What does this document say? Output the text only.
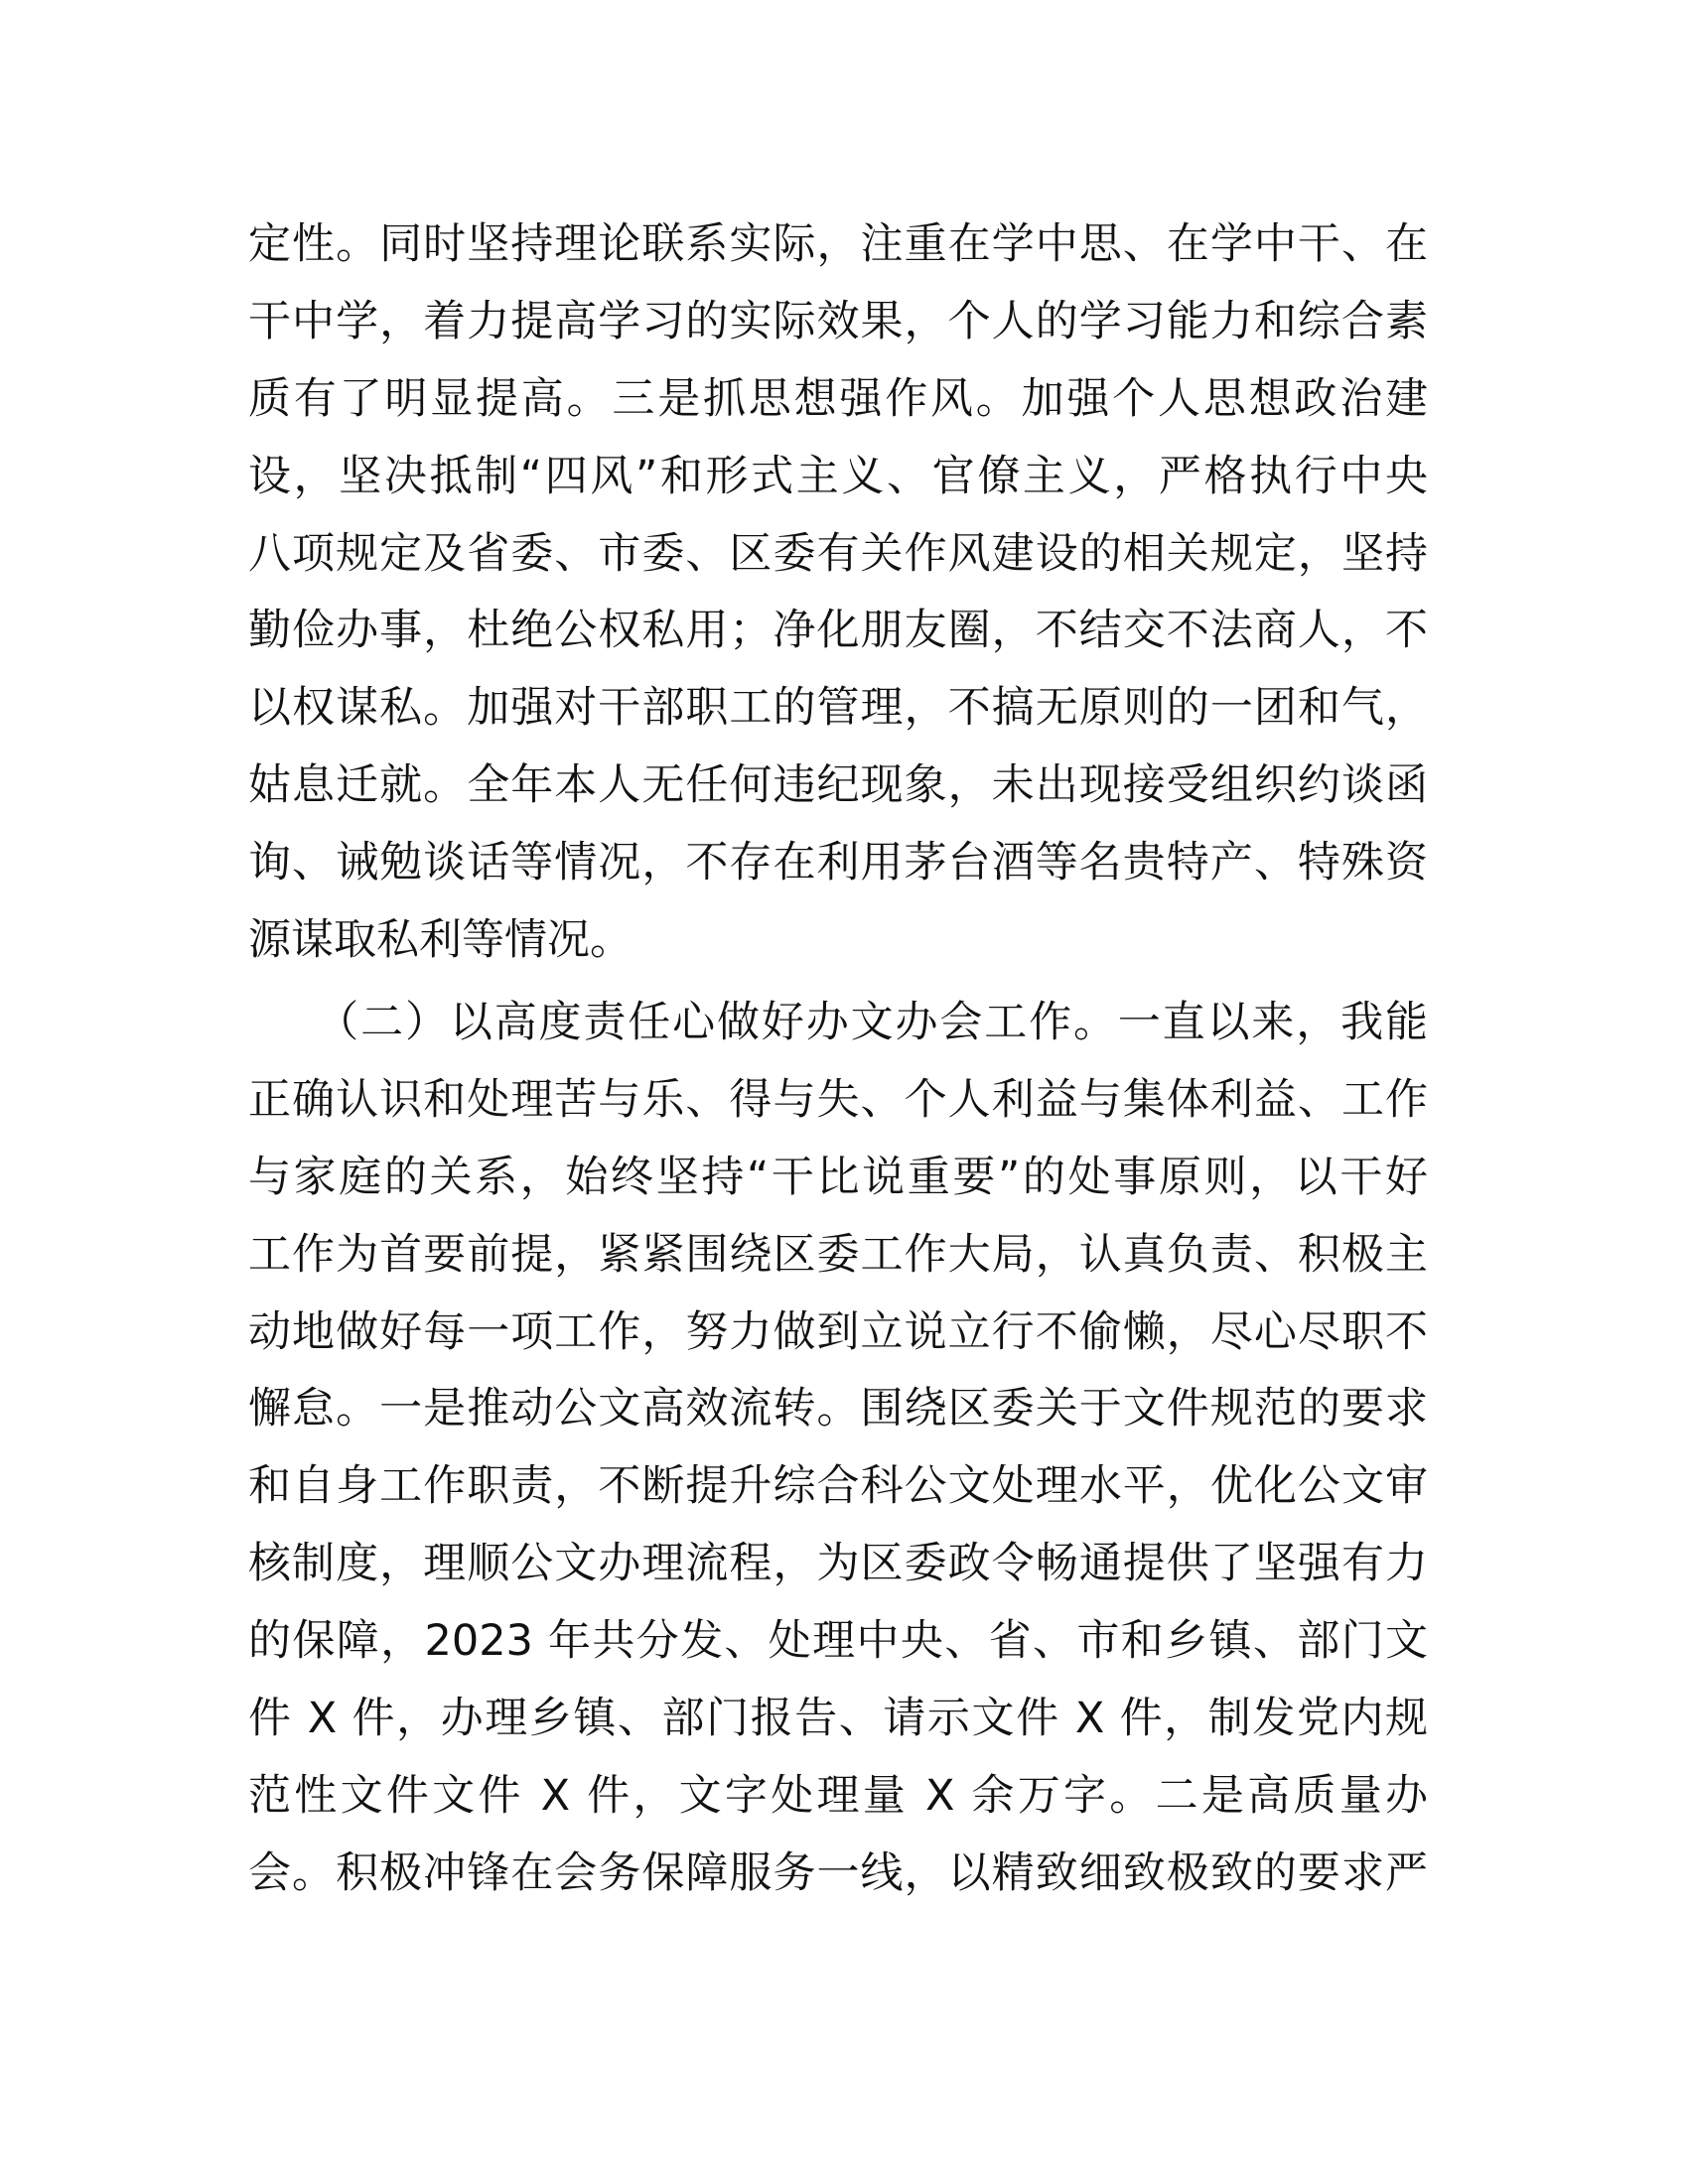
定性。同时坚持理论联系实际，注重在学中思、在学中干、在
干中学，着力提高学习的实际效果，个人的学习能力和综合素
质有了明显提高。三是抓思想强作风。加强个人思想政治建
设，坚决抵制“四风”和形式主义、官僚主义，严格执行中央
八项规定及省委、市委、区委有关作风建设的相关规定，坚持
勤俭办事，杜绝公权私用；净化朋友圈，不结交不法商人，不
以权谋私。加强对干部职工的管理，不搞无原则的一团和气，
姑息迁就。全年本人无任何违纪现象，未出现接受组织约谈函
询、诫勉谈话等情况，不存在利用茅台酒等名贵特产、特殊资
源谋取私利等情况。
　　（二）以高度责任心做好办文办会工作。一直以来，我能
正确认识和处理苦与乐、得与失、个人利益与集体利益、工作
与家庭的关系，始终坚持“干比说重要”的处事原则，以干好
工作为首要前提，紧紧围绕区委工作大局，认真负责、积极主
动地做好每一项工作，努力做到立说立行不偷懒，尽心尽职不
懈怠。一是推动公文高效流转。围绕区委关于文件规范的要求
和自身工作职责，不断提升综合科公文处理水平，优化公文审
核制度，理顺公文办理流程，为区委政令畅通提供了坚强有力
的保障，2023 年共分发、处理中央、省、市和乡镇、部门文
件 X 件，办理乡镇、部门报告、请示文件 X 件，制发党内规
范性文件文件 X 件，文字处理量 X 余万字。二是高质量办
会。积极冲锋在会务保障服务一线，以精致细致极致的要求严
